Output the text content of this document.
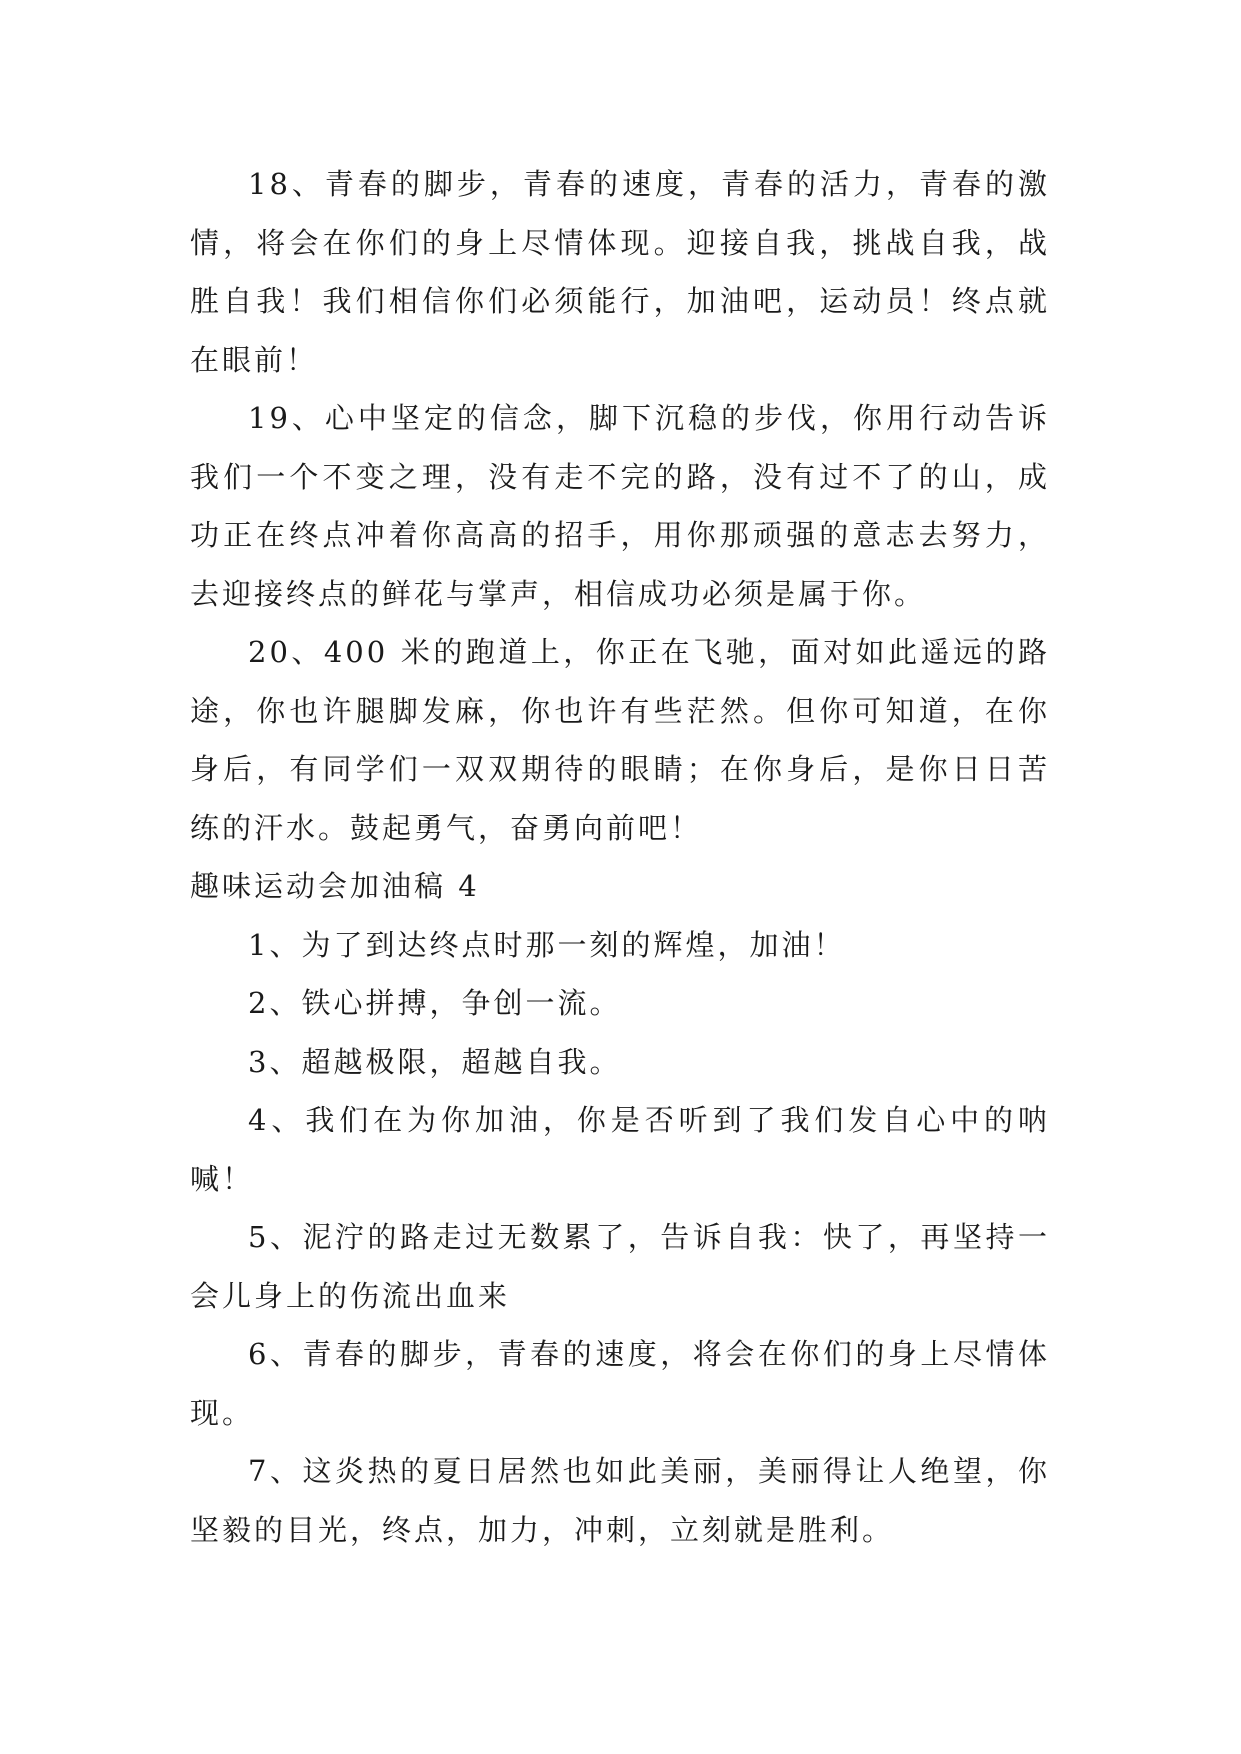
18、青春的脚步，青春的速度，青春的活力，青春的激情，将会在你们的身上尽情体现。迎接自我，挑战自我，战胜自我！我们相信你们必须能行，加油吧，运动员！终点就在眼前！

19、心中坚定的信念，脚下沉稳的步伐，你用行动告诉我们一个不变之理，没有走不完的路，没有过不了的山，成功正在终点冲着你高高的招手，用你那顽强的意志去努力，去迎接终点的鲜花与掌声，相信成功必须是属于你。

20、400 米的跑道上，你正在飞驰，面对如此遥远的路途，你也许腿脚发麻，你也许有些茫然。但你可知道，在你身后，有同学们一双双期待的眼睛；在你身后，是你日日苦练的汗水。鼓起勇气，奋勇向前吧！

趣味运动会加油稿 4

1、为了到达终点时那一刻的辉煌，加油！

2、铁心拼搏，争创一流。

3、超越极限，超越自我。

4、我们在为你加油，你是否听到了我们发自心中的呐喊！

5、泥泞的路走过无数累了，告诉自我：快了，再坚持一会儿身上的伤流出血来

6、青春的脚步，青春的速度，将会在你们的身上尽情体现。

7、这炎热的夏日居然也如此美丽，美丽得让人绝望，你坚毅的目光，终点，加力，冲刺，立刻就是胜利。
